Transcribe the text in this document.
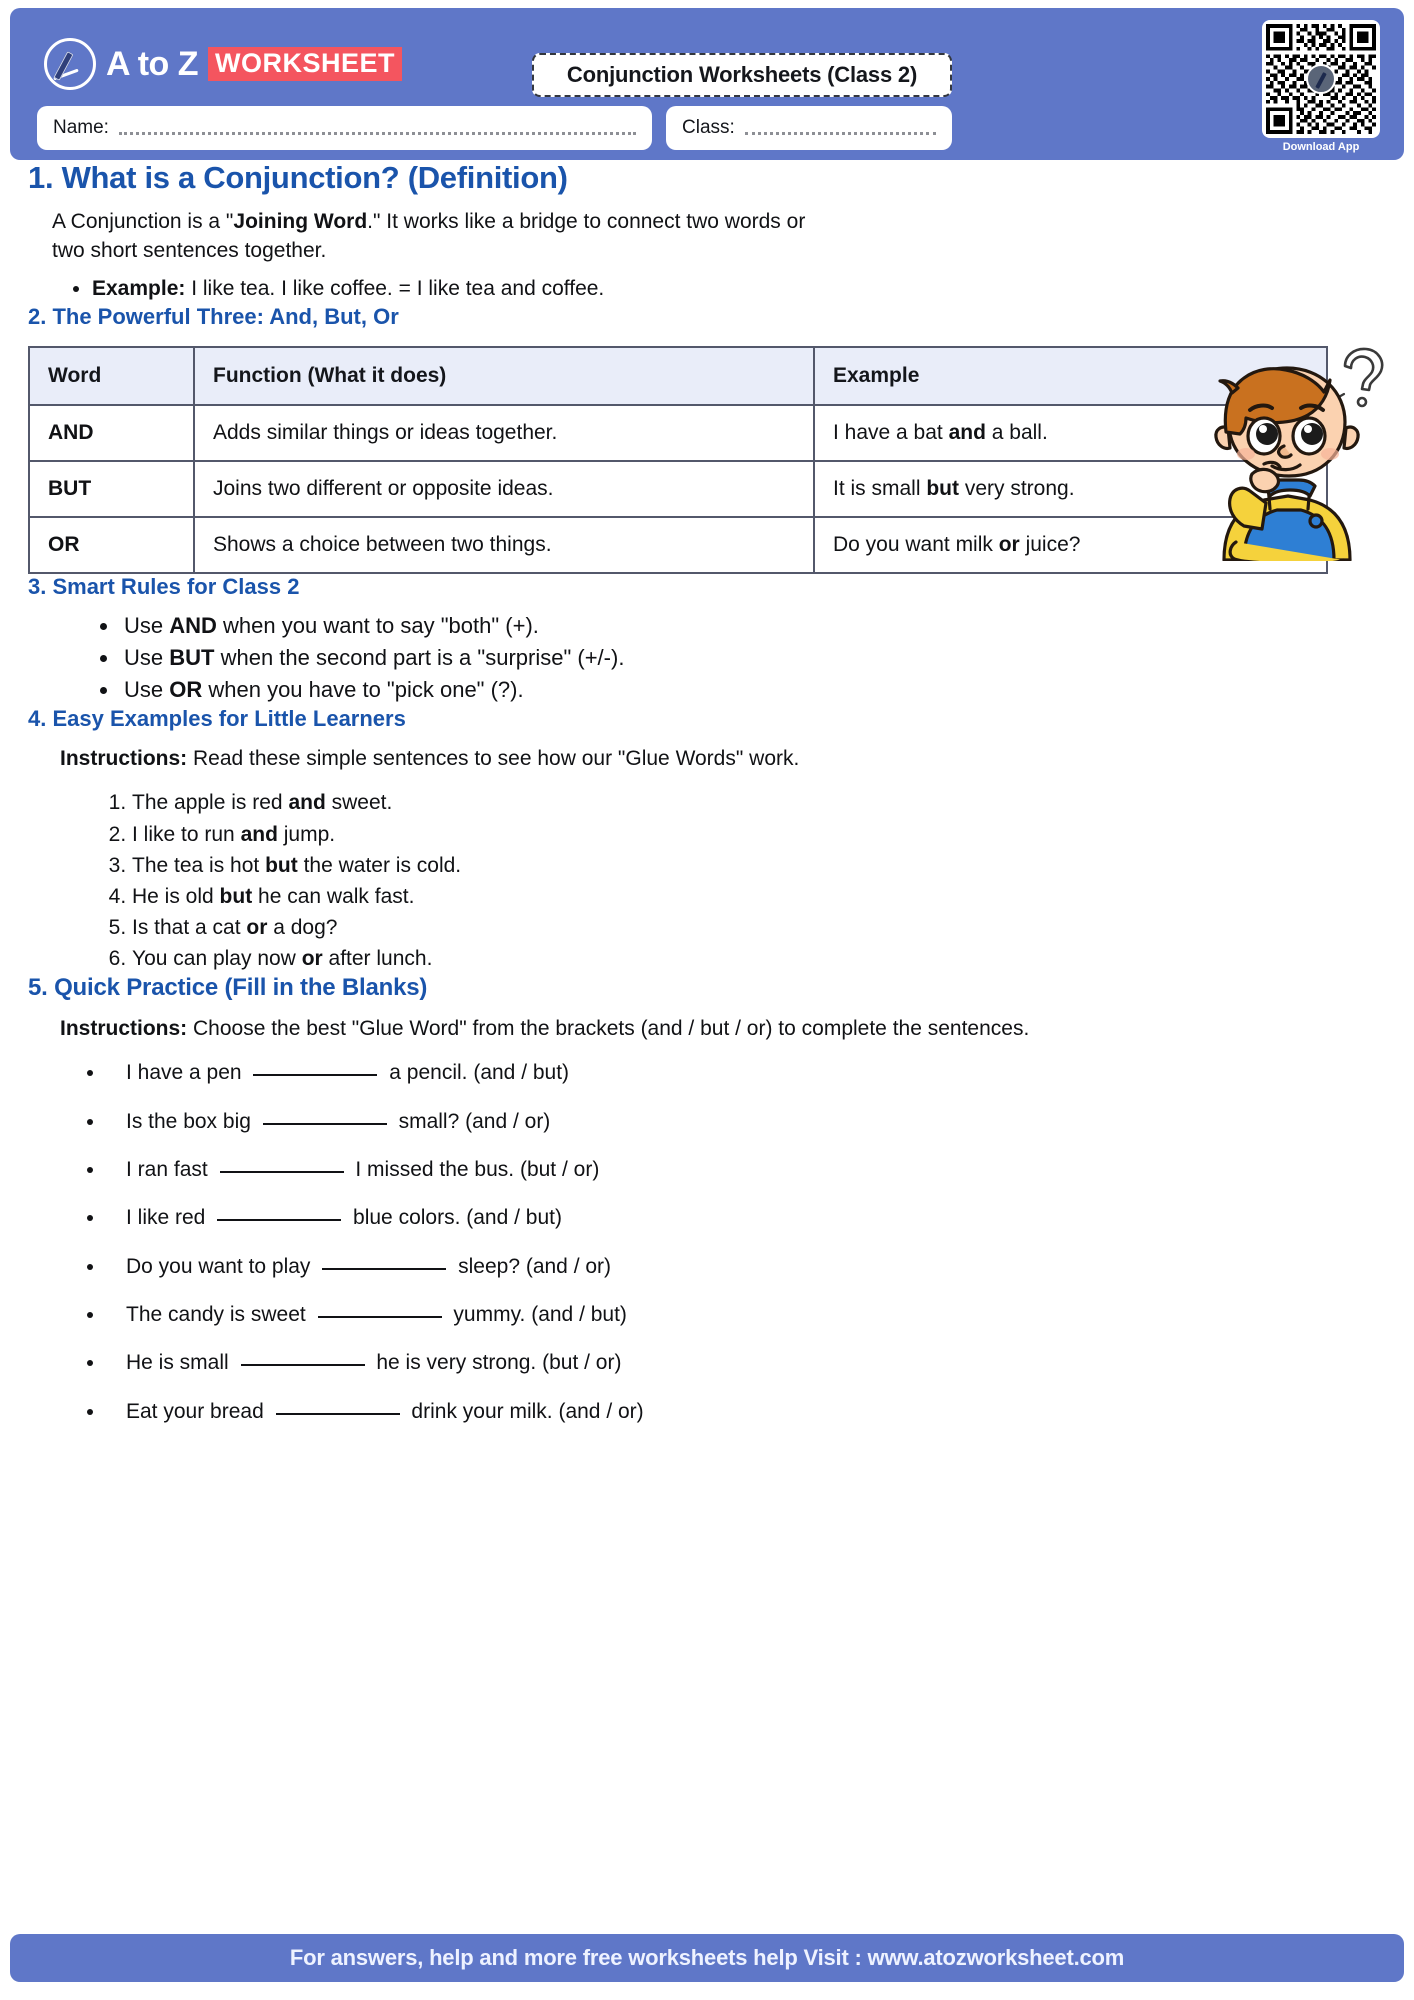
A to Z WORKSHEET	Conjunction Worksheets (Class 2)
Name:	Class:
Download App
1. What is a Conjunction? (Definition)

A Conjunction is a "Joining Word." It works like a bridge to connect two words or two short sentences together.

• Example: I like tea. I like coffee. = I like tea and coffee.
2. The Powerful Three: And, But, Or
Word	Function (What it does)	Example
AND	Adds similar things or ideas together.	I have a bat and a ball.
BUT	Joins two different or opposite ideas.	It is small but very strong.
OR	Shows a choice between two things.	Do you want milk or juice?
3. Smart Rules for Class 2
• Use AND when you want to say "both" (+).
• Use BUT when the second part is a "surprise" (+/-).
• Use OR when you have to "pick one" (?).
4. Easy Examples for Little Learners

Instructions: Read these simple sentences to see how our "Glue Words" work.

1. The apple is red and sweet.
2. I like to run and jump.
3. The tea is hot but the water is cold.
4. He is old but he can walk fast.
5. Is that a cat or a dog?
6. You can play now or after lunch.
5. Quick Practice (Fill in the Blanks)

Instructions: Choose the best "Glue Word" from the brackets (and / but / or) to complete the sentences.

• I have a pen	a pencil. (and / but)
• Is the box big	small? (and / or)
• I ran fast	I missed the bus. (but / or)
• I like red	blue colors. (and / but)
• Do you want to play	sleep? (and / or)
• The candy is sweet	yummy. (and / but)
• He is small	he is very strong. (but / or)
• Eat your bread	drink your milk. (and / or)
For answers, help and more free worksheets help Visit : www.atozworksheet.com
